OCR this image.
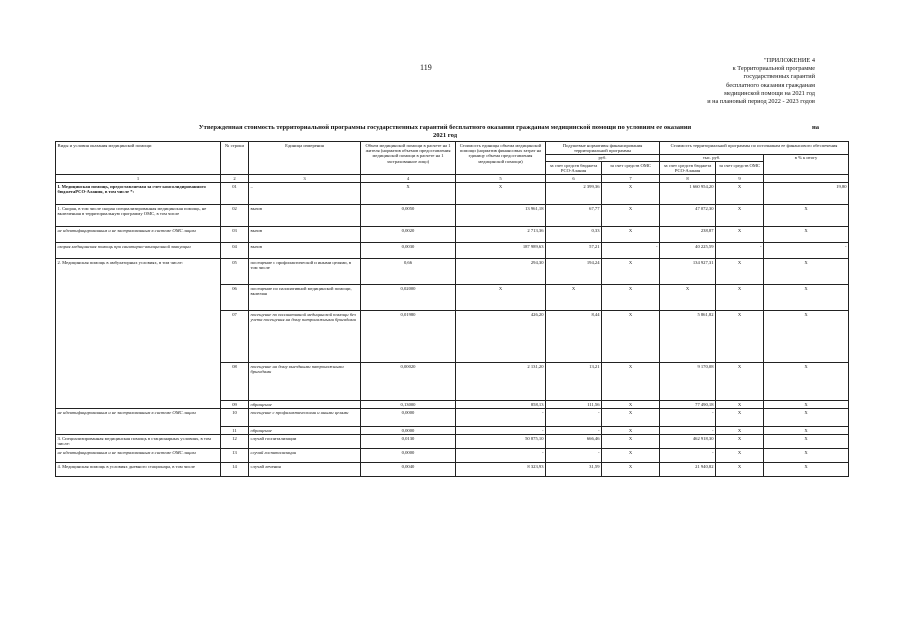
119
"ПРИЛОЖЕНИЕ 4
к Территориальной программе
государственных гарантий
бесплатного оказания гражданам
медицинской помощи на 2021 год
и на плановый период 2022 - 2023 годов
Утвержденная стоимость территориальной программы государственных гарантий бесплатного оказания гражданам медицинской помощи по условиям ее оказания
2021 год
на
Виды и условия оказания медицинской помощи	№ строки	Единица измерения	Объем медицинской помощи в расчете на 1 жителя (норматив объемов предоставления медицинской помощи в расчете на 1 застрахованное лицо)	Стоимость единицы объема медицинской помощи (норматив финансовых затрат на единицу объема предоставления медицинской помощи)	Подушевые нормативы финансирования территориальной программы		Стоимость территориальной программы по источникам ее финансового обеспечения		
					руб.		тыс. руб.		в % к итогу
					за счет средств бюджета РСО-Алания	за счет средств ОМС	за счет средств бюджета РСО-Алания	за счет средств ОМС	
1	2	3	4	5	6	7	8	9	
I. Медицинская помощь, предоставляемая за счет консолидированного бюджетаРСО-Алания, в том числе *:	01	–	X	X	2 399,36	X	1 660 954,20	X	19,80
1. Скорая, в том числе скорая специализированная медицинская помощь, не включенная в территориальную программу ОМС, в том числе	02	вызов	0,0050	13 961,18	67,77	X	47 072,30	X	X
не идентифицированным и не застрахованным в системе ОМС лицам	03	вызов	0,0020	2 713,36	0,33	X	238,87	X	X
скорая медицинская помощь при санитарно-авиационной эвакуации	04	вызов	0,0030	187 989,63	57,21	-	40 225,59	-	-
2. Медицинская помощь в амбулаторных условиях, в том числе:	05	посещение с профилактической и иными целями, в том числе	0,66	294,30	194,24	X	134 927,31	X	X
	06	посещение по паллиативной медицинской помощи, включая	0,02000	X	X	X	X	X	X
	07	посещение по паллиативной медицинской помощи без учета посещения на дому патронажными бригадами	0,01980	426,20	8,44	X	5 861,82	X	X
	08	посещение на дому выездными патронажными бригадами	0,00020	2 131,20	13,21	X	9 170,08	X	X
	09	обращение	0,13000	858,13	111,56	X	77 490,18	X	X
не идентифицированным и не застрахованным в системе ОМС лицам	10	посещение с профилактическими и иными целями	0,0000	-	-	X	-	X	X
	11	обращение	0,0000	-	-	X	-	X	X
3. Специализированная медицинская помощь в стационарных условиях, в том числе:	12	случай госпитализации	0,0130	50 875,10	666,46	X	462 918,30	X	X
не идентифицированным и не застрахованным в системе ОМС лицам	13	случай госпитализации	0,0000	-	-	X	-	X	X
4. Медицинская помощь в условиях дневного стационара, в том числе	14	случай лечения	0,0040	8 323,93	31,59	X	21 940,82	X	X
